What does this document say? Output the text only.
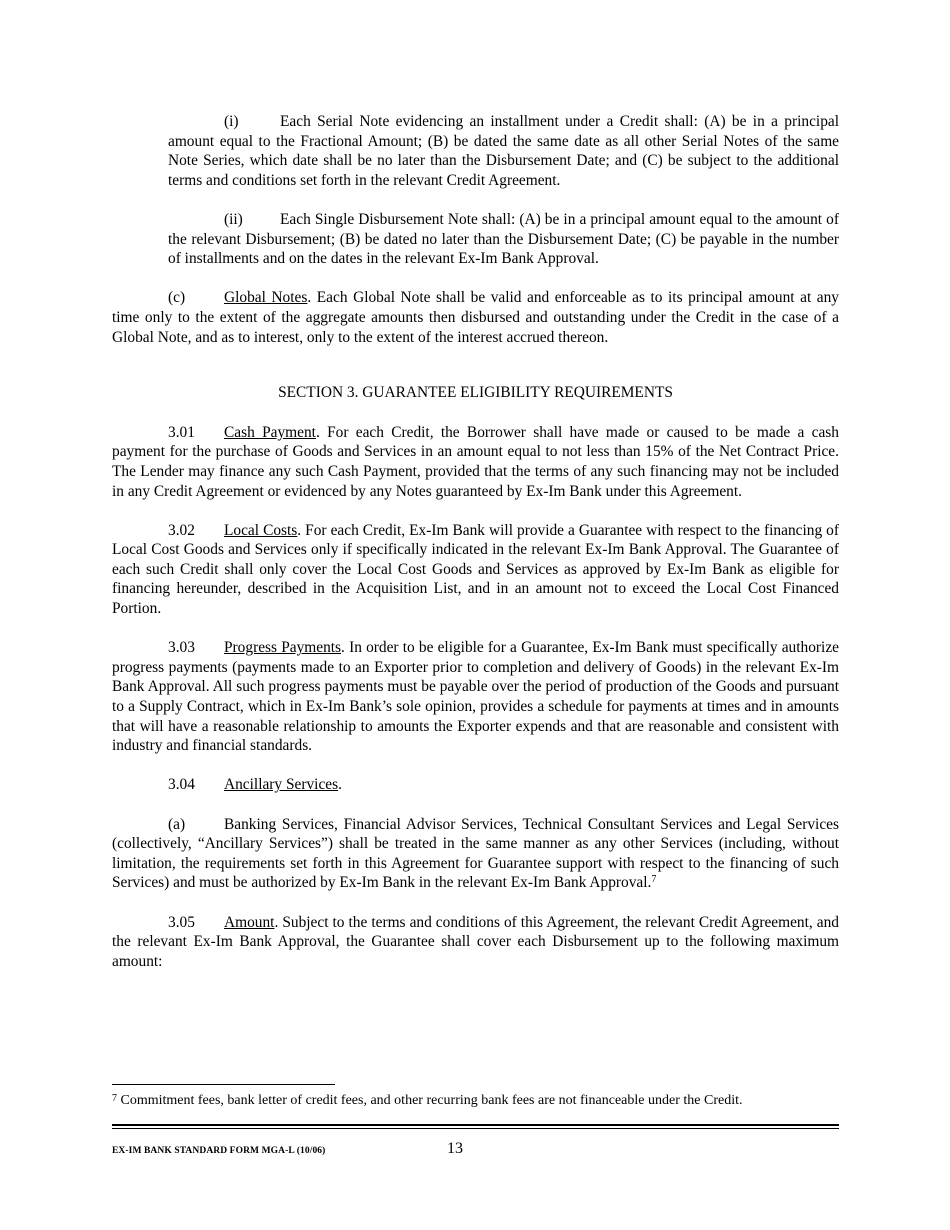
(i)	Each Serial Note evidencing an installment under a Credit shall: (A) be in a principal amount equal to the Fractional Amount; (B) be dated the same date as all other Serial Notes of the same Note Series, which date shall be no later than the Disbursement Date; and (C) be subject to the additional terms and conditions set forth in the relevant Credit Agreement.

(ii) Each Single Disbursement Note shall: (A) be in a principal amount equal to the amount of the relevant Disbursement; (B) be dated no later than the Disbursement Date; (C) be payable in the number of installments and on the dates in the relevant Ex-Im Bank Approval.

(c)	Global Notes. Each Global Note shall be valid and enforceable as to its principal amount at any time only to the extent of the aggregate amounts then disbursed and outstanding under the Credit in the case of a Global Note, and as to interest, only to the extent of the interest accrued thereon.

SECTION 3. GUARANTEE ELIGIBILITY REQUIREMENTS

3.01 Cash Payment. For each Credit, the Borrower shall have made or caused to be made a cash payment for the purchase of Goods and Services in an amount equal to not less than 15% of the Net Contract Price. The Lender may finance any such Cash Payment, provided that the terms of any such financing may not be included in any Credit Agreement or evidenced by any Notes guaranteed by Ex-Im Bank under this Agreement.

3.02 Local Costs. For each Credit, Ex-Im Bank will provide a Guarantee with respect to the financing of Local Cost Goods and Services only if specifically indicated in the relevant Ex-Im Bank Approval. The Guarantee of each such Credit shall only cover the Local Cost Goods and Services as approved by Ex-Im Bank as eligible for financing hereunder, described in the Acquisition List, and in an amount not to exceed the Local Cost Financed Portion.

3.03 Progress Payments. In order to be eligible for a Guarantee, Ex-Im Bank must specifically authorize progress payments (payments made to an Exporter prior to completion and delivery of Goods) in the relevant Ex-Im Bank Approval. All such progress payments must be payable over the period of production of the Goods and pursuant to a Supply Contract, which in Ex-Im Bank’s sole opinion, provides a schedule for payments at times and in amounts that will have a reasonable relationship to amounts the Exporter expends and that are reasonable and consistent with industry and financial standards.

3.04 Ancillary Services.

(a)	Banking Services, Financial Advisor Services, Technical Consultant Services and Legal Services (collectively, “Ancillary Services”) shall be treated in the same manner as any other Services (including, without limitation, the requirements set forth in this Agreement for Guarantee support with respect to the financing of such Services) and must be authorized by Ex-Im Bank in the relevant Ex-Im Bank Approval.$^7$

3.05 Amount. Subject to the terms and conditions of this Agreement, the relevant Credit Agreement, and the relevant Ex-Im Bank Approval, the Guarantee shall cover each Disbursement up to the following maximum amount:

$^7$ Commitment fees, bank letter of credit fees, and other recurring bank fees are not financeable under the Credit.
EX-IM BANK STANDARD FORM MGA-L (10/06)	13
